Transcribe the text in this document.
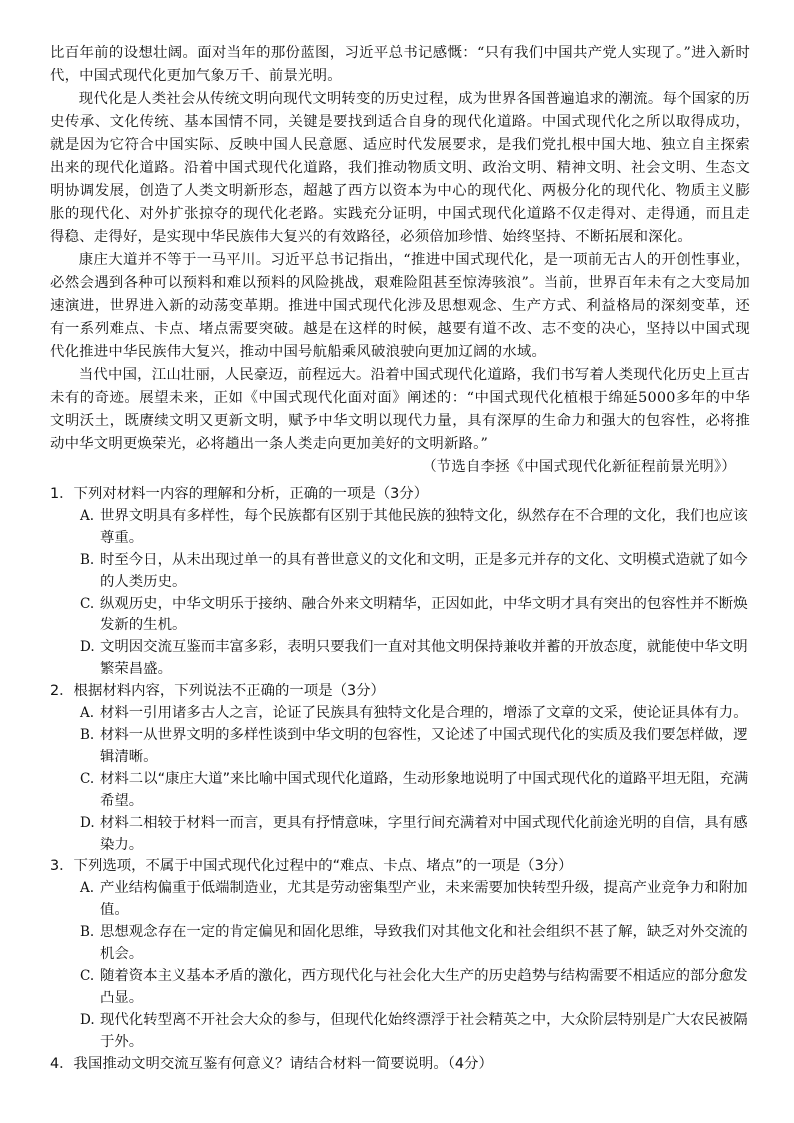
比百年前的设想壮阔。面对当年的那份蓝图，习近平总书记感慨：“只有我们中国共产党人实现了。”进入新时代，中国式现代化更加气象万千、前景光明。

现代化是人类社会从传统文明向现代文明转变的历史过程，成为世界各国普遍追求的潮流。每个国家的历史传承、文化传统、基本国情不同，关键是要找到适合自身的现代化道路。中国式现代化之所以取得成功，就是因为它符合中国实际、反映中国人民意愿、适应时代发展要求，是我们党扎根中国大地、独立自主探索出来的现代化道路。沿着中国式现代化道路，我们推动物质文明、政治文明、精神文明、社会文明、生态文明协调发展，创造了人类文明新形态，超越了西方以资本为中心的现代化、两极分化的现代化、物质主义膨胀的现代化、对外扩张掠夺的现代化老路。实践充分证明，中国式现代化道路不仅走得对、走得通，而且走得稳、走得好，是实现中华民族伟大复兴的有效路径，必须倍加珍惜、始终坚持、不断拓展和深化。

康庄大道并不等于一马平川。习近平总书记指出，“推进中国式现代化，是一项前无古人的开创性事业，必然会遇到各种可以预料和难以预料的风险挑战，艰难险阻甚至惊涛骇浪”。当前，世界百年未有之大变局加速演进，世界进入新的动荡变革期。推进中国式现代化涉及思想观念、生产方式、利益格局的深刻变革，还有一系列难点、卡点、堵点需要突破。越是在这样的时候，越要有道不改、志不变的决心，坚持以中国式现代化推进中华民族伟大复兴，推动中国号航船乘风破浪驶向更加辽阔的水域。

当代中国，江山壮丽，人民豪迈，前程远大。沿着中国式现代化道路，我们书写着人类现代化历史上亘古未有的奇迹。展望未来，正如《中国式现代化面对面》阐述的：“中国式现代化植根于绵延5000多年的中华文明沃土，既赓续文明又更新文明，赋予中华文明以现代力量，具有深厚的生命力和强大的包容性，必将推动中华文明更焕荣光，必将趟出一条人类走向更加美好的文明新路。”

（节选自李拯《中国式现代化新征程前景光明》）

1． 下列对材料一内容的理解和分析，正确的一项是（3分）
A. 世界文明具有多样性，每个民族都有区别于其他民族的独特文化，纵然存在不合理的文化，我们也应该尊重。
B. 时至今日，从未出现过单一的具有普世意义的文化和文明，正是多元并存的文化、文明模式造就了如今的人类历史。
C. 纵观历史，中华文明乐于接纳、融合外来文明精华，正因如此，中华文明才具有突出的包容性并不断焕发新的生机。
D. 文明因交流互鉴而丰富多彩，表明只要我们一直对其他文明保持兼收并蓄的开放态度，就能使中华文明繁荣昌盛。
2． 根据材料内容，下列说法不正确的一项是（3分）
A. 材料一引用诸多古人之言，论证了民族具有独特文化是合理的，增添了文章的文采，使论证具体有力。
B. 材料一从世界文明的多样性谈到中华文明的包容性，又论述了中国式现代化的实质及我们要怎样做，逻辑清晰。
C. 材料二以“康庄大道”来比喻中国式现代化道路，生动形象地说明了中国式现代化的道路平坦无阻，充满希望。
D. 材料二相较于材料一而言，更具有抒情意味，字里行间充满着对中国式现代化前途光明的自信，具有感染力。
3． 下列选项，不属于中国式现代化过程中的“难点、卡点、堵点”的一项是（3分）
A. 产业结构偏重于低端制造业，尤其是劳动密集型产业，未来需要加快转型升级，提高产业竞争力和附加值。
B. 思想观念存在一定的肯定偏见和固化思维，导致我们对其他文化和社会组织不甚了解，缺乏对外交流的机会。
C. 随着资本主义基本矛盾的激化，西方现代化与社会化大生产的历史趋势与结构需要不相适应的部分愈发凸显。
D. 现代化转型离不开社会大众的参与，但现代化始终漂浮于社会精英之中，大众阶层特别是广大农民被隔于外。
4． 我国推动文明交流互鉴有何意义？请结合材料一简要说明。（4分）
